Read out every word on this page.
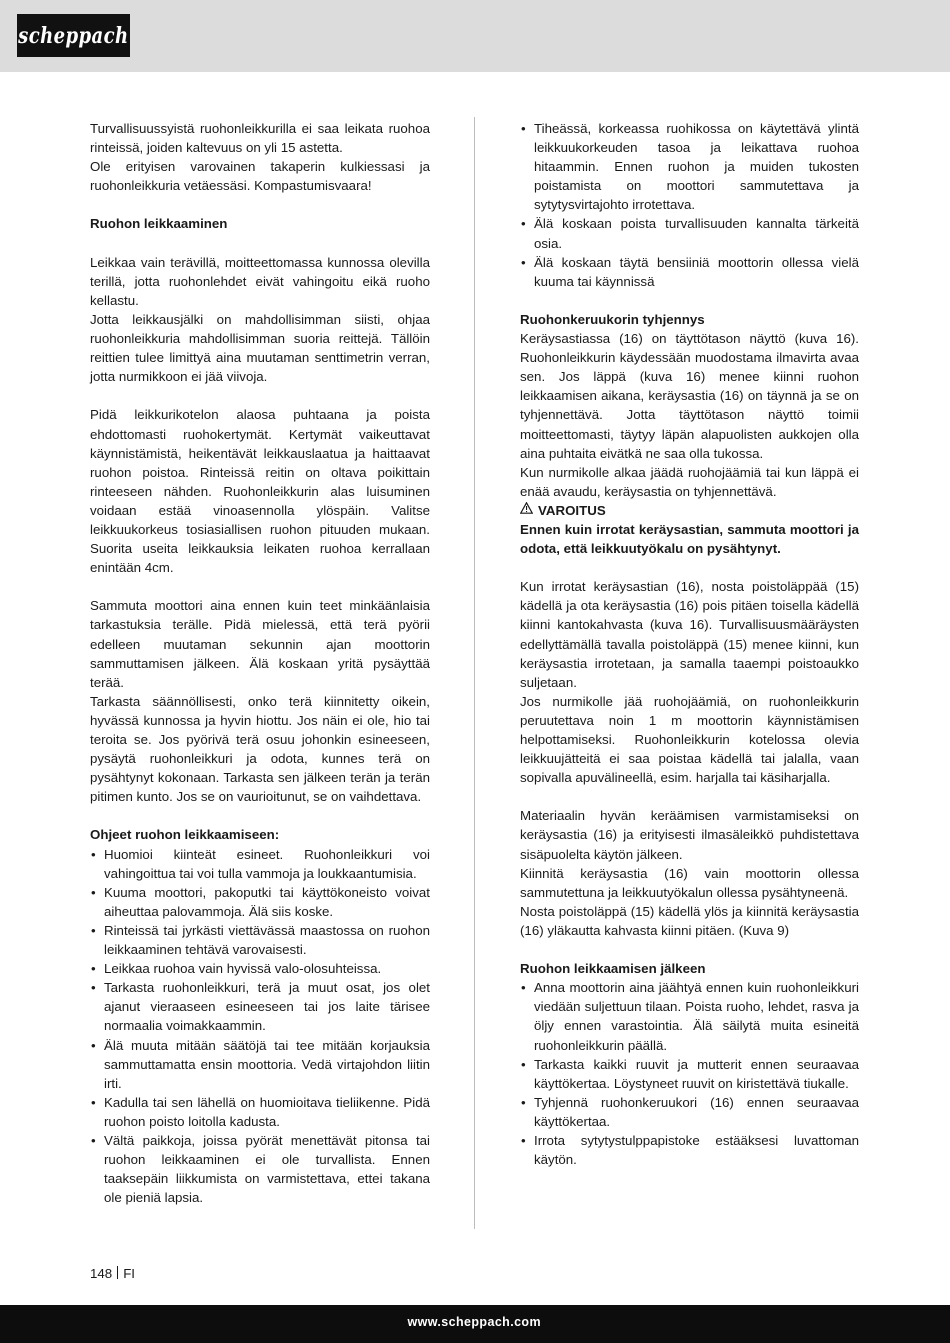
scheppach

Turvallisuussyistä ruohonleikkurilla ei saa leikata ruohoa rinteissä, joiden kaltevuus on yli 15 astetta.

Ole erityisen varovainen takaperin kulkiessasi ja ruohonleikkuria vetäessäsi. Kompastumisvaara!

Ruohon leikkaaminen

Leikkaa vain terävillä, moitteettomassa kunnossa olevilla terillä, jotta ruohonlehdet eivät vahingoitu eikä ruoho kellastu.

Jotta leikkausjälki on mahdollisimman siisti, ohjaa ruohonleikkuria mahdollisimman suoria reittejä. Tällöin reittien tulee limittyä aina muutaman senttimetrin verran, jotta nurmikkoon ei jää viivoja.

Pidä leikkurikotelon alaosa puhtaana ja poista ehdottomasti ruohokertymät. Kertymät vaikeuttavat käynnistämistä, heikentävät leikkauslaatua ja haittaavat ruohon poistoa. Rinteissä reitin on oltava poikittain rinteeseen nähden. Ruohonleikkurin alas luisuminen voidaan estää vinoasennolla ylöspäin. Valitse leikkuukorkeus tosiasiallisen ruohon pituuden mukaan. Suorita useita leikkauksia leikaten ruohoa kerrallaan enintään 4cm.

Sammuta moottori aina ennen kuin teet minkäänlaisia tarkastuksia terälle. Pidä mielessä, että terä pyörii edelleen muutaman sekunnin ajan moottorin sammuttamisen jälkeen. Älä koskaan yritä pysäyttää terää.

Tarkasta säännöllisesti, onko terä kiinnitetty oikein, hyvässä kunnossa ja hyvin hiottu. Jos näin ei ole, hio tai teroita se. Jos pyörivä terä osuu johonkin esineeseen, pysäytä ruohonleikkuri ja odota, kunnes terä on pysähtynyt kokonaan. Tarkasta sen jälkeen terän ja terän pitimen kunto. Jos se on vaurioitunut, se on vaihdettava.

Ohjeet ruohon leikkaamiseen:
• Huomioi kiinteät esineet. Ruohonleikkuri voi vahingoittua tai voi tulla vammoja ja loukkaantumisia.
• Kuuma moottori, pakoputki tai käyttökoneisto voivat aiheuttaa palovammoja. Älä siis koske.
• Rinteissä tai jyrkästi viettävässä maastossa on ruohon leikkaaminen tehtävä varovaisesti.
• Leikkaa ruohoa vain hyvissä valo-olosuhteissa.
• Tarkasta ruohonleikkuri, terä ja muut osat, jos olet ajanut vieraaseen esineeseen tai jos laite tärisee normaalia voimakkaammin.
• Älä muuta mitään säätöjä tai tee mitään korjauksia sammuttamatta ensin moottoria. Vedä virtajohdon liitin irti.
• Kadulla tai sen lähellä on huomioitava tieliikenne. Pidä ruohon poisto loitolla kadusta.
• Vältä paikkoja, joissa pyörät menettävät pitonsa tai ruohon leikkaaminen ei ole turvallista. Ennen taaksepäin liikkumista on varmistettava, ettei takana ole pieniä lapsia.
• Tiheässä, korkeassa ruohikossa on käytettävä ylintä leikkuukorkeuden tasoa ja leikattava ruohoa hitaammin. Ennen ruohon ja muiden tukosten poistamista on moottori sammutettava ja sytytysvirtajohto irrotettava.
• Älä koskaan poista turvallisuuden kannalta tärkeitä osia.
• Älä koskaan täytä bensiiniä moottorin ollessa vielä kuuma tai käynnissä
Ruohonkeruukorin tyhjennys

Keräysastiassa (16) on täyttötason näyttö (kuva 16). Ruohonleikkurin käydessään muodostama ilmavirta avaa sen. Jos läppä (kuva 16) menee kiinni ruohon leikkaamisen aikana, keräysastia (16) on täynnä ja se on tyhjennettävä. Jotta täyttötason näyttö toimii moitteettomasti, täytyy läpän alapuolisten aukkojen olla aina puhtaita eivätkä ne saa olla tukossa.

Kun nurmikolle alkaa jäädä ruohojäämiä tai kun läppä ei enää avaudu, keräysastia on tyhjennettävä.

VAROITUS

Ennen kuin irrotat keräysastian, sammuta moottori ja odota, että leikkuutyökalu on pysähtynyt.

Kun irrotat keräysastian (16), nosta poistoläppää (15) kädellä ja ota keräysastia (16) pois pitäen toisella kädellä kiinni kantokahvasta (kuva 16). Turvallisuusmääräysten edellyttämällä tavalla poistoläppä (15) menee kiinni, kun keräysastia irrotetaan, ja samalla taaempi poistoaukko suljetaan.

Jos nurmikolle jää ruohojäämiä, on ruohonleikkurin peruutettava noin 1 m moottorin käynnistämisen helpottamiseksi. Ruohonleikkurin kotelossa olevia leikkuujätteitä ei saa poistaa kädellä tai jalalla, vaan sopivalla apuvälineellä, esim. harjalla tai käsiharjalla.

Materiaalin hyvän keräämisen varmistamiseksi on keräysastia (16) ja erityisesti ilmasäleikkö puhdistettava sisäpuolelta käytön jälkeen.

Kiinnitä keräysastia (16) vain moottorin ollessa sammutettuna ja leikkuutyökalun ollessa pysähtyneenä.

Nosta poistoläppä (15) kädellä ylös ja kiinnitä keräysastia (16) yläkautta kahvasta kiinni pitäen. (Kuva 9)

Ruohon leikkaamisen jälkeen
• Anna moottorin aina jäähtyä ennen kuin ruohonleikkuri viedään suljettuun tilaan. Poista ruoho, lehdet, rasva ja öljy ennen varastointia. Älä säilytä muita esineitä ruohonleikkurin päällä.
• Tarkasta kaikki ruuvit ja mutterit ennen seuraavaa käyttökertaa. Löystyneet ruuvit on kiristettävä tiukalle.
• Tyhjennä ruohonkeruukori (16) ennen seuraavaa käyttökertaa.
• Irrota sytytystulppapistoke estääksesi luvattoman käytön.
148 FI
www.scheppach.com
